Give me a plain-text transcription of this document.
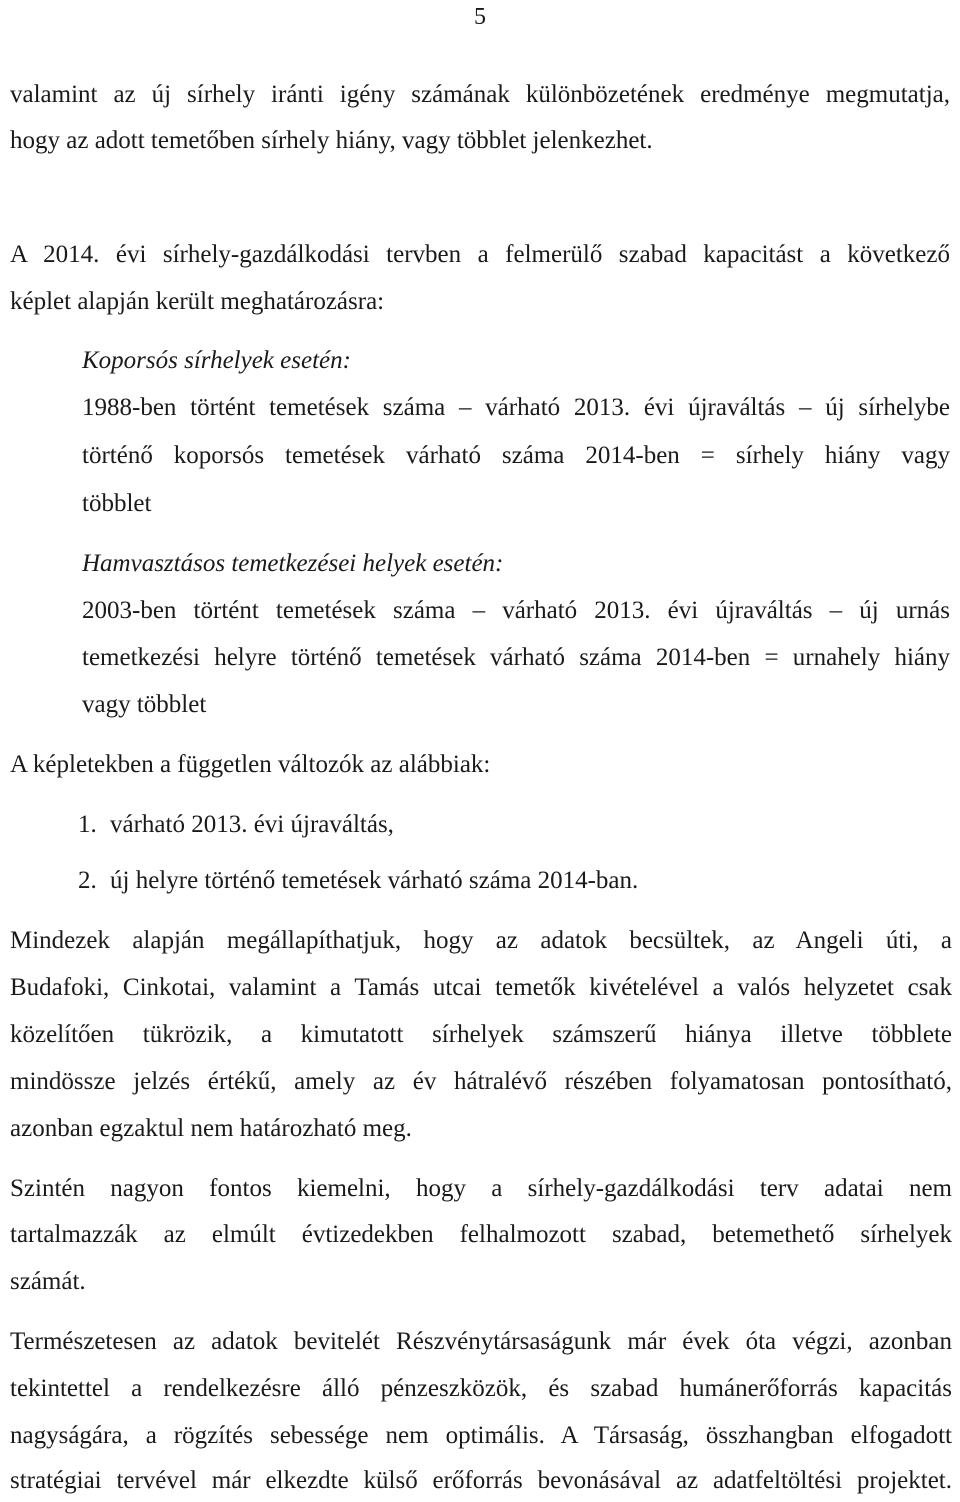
5
valamint az új sírhely iránti igény számának különbözetének eredménye megmutatja,
hogy az adott temetőben sírhely hiány, vagy többlet jelenkezhet.
A 2014. évi sírhely-gazdálkodási tervben a felmerülő szabad kapacitást a következő
képlet alapján került meghatározásra:
Koporsós sírhelyek esetén:
1988-ben történt temetések száma – várható 2013. évi újraváltás – új sírhelybe
történő koporsós temetések várható száma 2014-ben = sírhely hiány vagy
többlet
Hamvasztásos temetkezései helyek esetén:
2003-ben történt temetések száma – várható 2013. évi újraváltás – új urnás
temetkezési helyre történő temetések várható száma 2014-ben = urnahely hiány
vagy többlet
A képletekben a független változók az alábbiak:
1. várható 2013. évi újraváltás,
2. új helyre történő temetések várható száma 2014-ban.
Mindezek alapján megállapíthatjuk, hogy az adatok becsültek, az Angeli úti, a
Budafoki, Cinkotai, valamint a Tamás utcai temetők kivételével a valós helyzetet csak
közelítően tükrözik, a kimutatott sírhelyek számszerű hiánya illetve többlete
mindössze jelzés értékű, amely az év hátralévő részében folyamatosan pontosítható,
azonban egzaktul nem határozható meg.
Szintén nagyon fontos kiemelni, hogy a sírhely-gazdálkodási terv adatai nem
tartalmazzák az elmúlt évtizedekben felhalmozott szabad, betemethető sírhelyek
számát.
Természetesen az adatok bevitelét Részvénytársaságunk már évek óta végzi, azonban
tekintettel a rendelkezésre álló pénzeszközök, és szabad humánerőforrás kapacitás
nagyságára, a rögzítés sebessége nem optimális. A Társaság, összhangban elfogadott
stratégiai tervével már elkezdte külső erőforrás bevonásával az adatfeltöltési projektet.
